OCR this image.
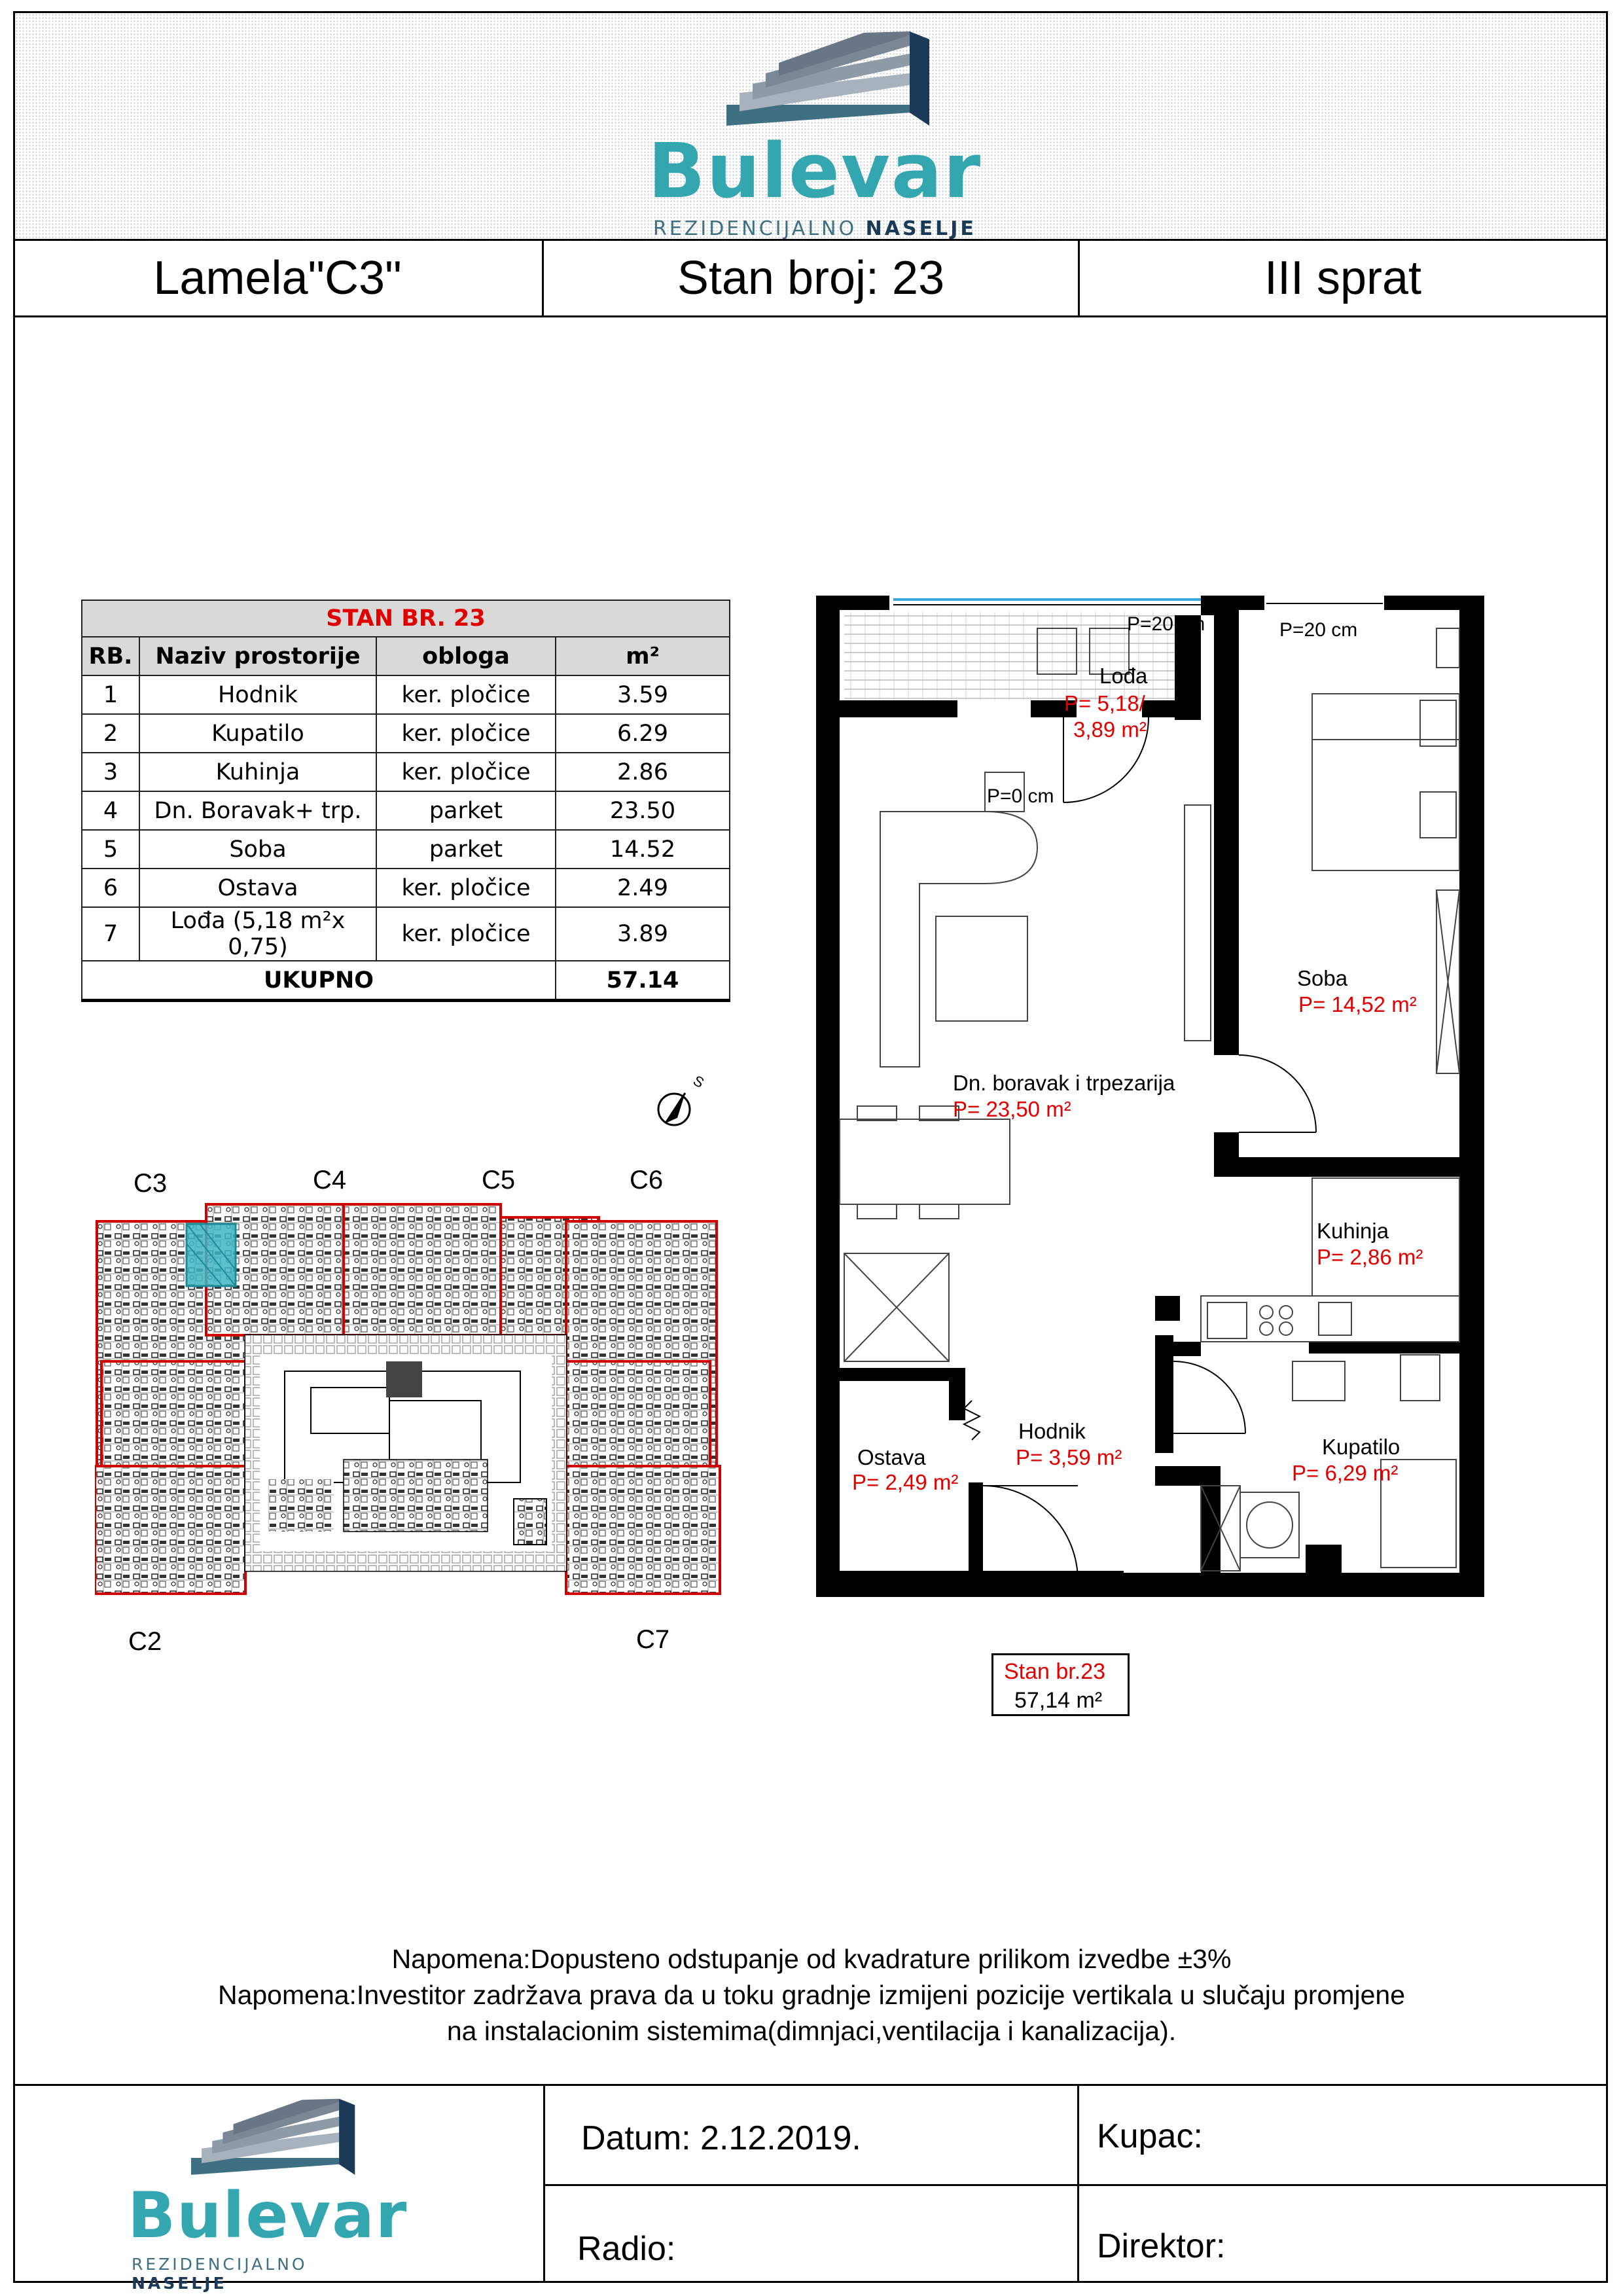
Bulevar
REZIDENCIJALNO NASELJE
Lamela"C3"	Stan broj: 23	III sprat
STAN BR. 23			
RB.	Naziv prostorije	obloga	m²
1	Hodnik	ker. pločice	3.59
2	Kupatilo	ker. pločice	6.29
3	Kuhinja	ker. pločice	2.86
4	Dn. Boravak+ trp.	parket	23.50
5	Soba	parket	14.52
6	Ostava	ker. pločice	2.49
7	Lođa (5,18 m²x 0,75)	ker. pločice	3.89
UKUPNO			57.14
S
C3	C4	C5	C6
C2	C7
P=20 cm	P=20 cm
Lođa
P= 5,18/
3,89 m²
P=0 cm
Soba
P= 14,52 m²
Dn. boravak i trpezarija
P= 23,50 m²
Kuhinja
P= 2,86 m²
*
Hodnik
P= 3,59 m²
Ostava
P= 2,49 m²
Kupatilo
P= 6,29 m²
Stan br.23
57,14 m²
Napomena:Dopusteno odstupanje od kvadrature prilikom izvedbe ±3%
Napomena:Investitor zadržava prava da u toku gradnje izmijeni pozicije vertikala u slučaju promjene
na instalacionim sistemima(dimnjaci,ventilacija i kanalizacija).
Bulevar
REZIDENCIJALNO NASELJE
Datum: 2.12.2019.	Kupac:
Radio:	Direktor:
